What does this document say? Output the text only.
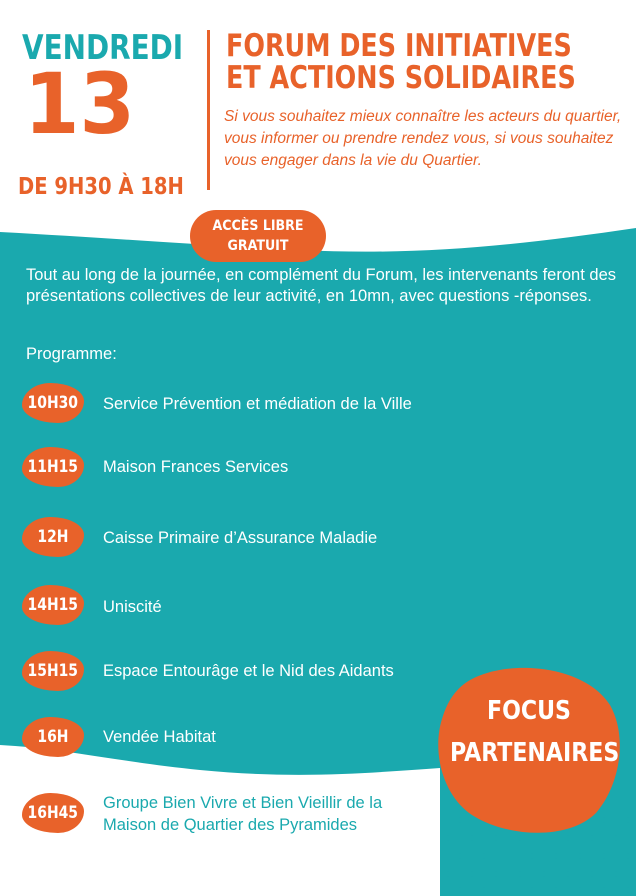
VENDREDI
13
DE 9H30 À 18H
FORUM DES INITIATIVES
ET ACTIONS SOLIDAIRES
Si vous souhaitez mieux connaître les acteurs du quartier, vous informer ou prendre rendez vous, si vous souhaitez vous engager dans la vie du Quartier.
ACCÈS LIBRE
GRATUIT
Tout au long de la journée, en complément du Forum, les intervenants feront des présentations collectives de leur activité, en 10mn, avec questions -réponses.
Programme:
10H30 Service Prévention et médiation de la Ville
11H15 Maison Frances Services
12H Caisse Primaire d’Assurance Maladie
14H15 Uniscité
15H15 Espace Entourâge et le Nid des Aidants
16H Vendée Habitat
16H45 Groupe Bien Vivre et Bien Vieillir de la
Maison de Quartier des Pyramides
FOCUS
PARTENAIRES
